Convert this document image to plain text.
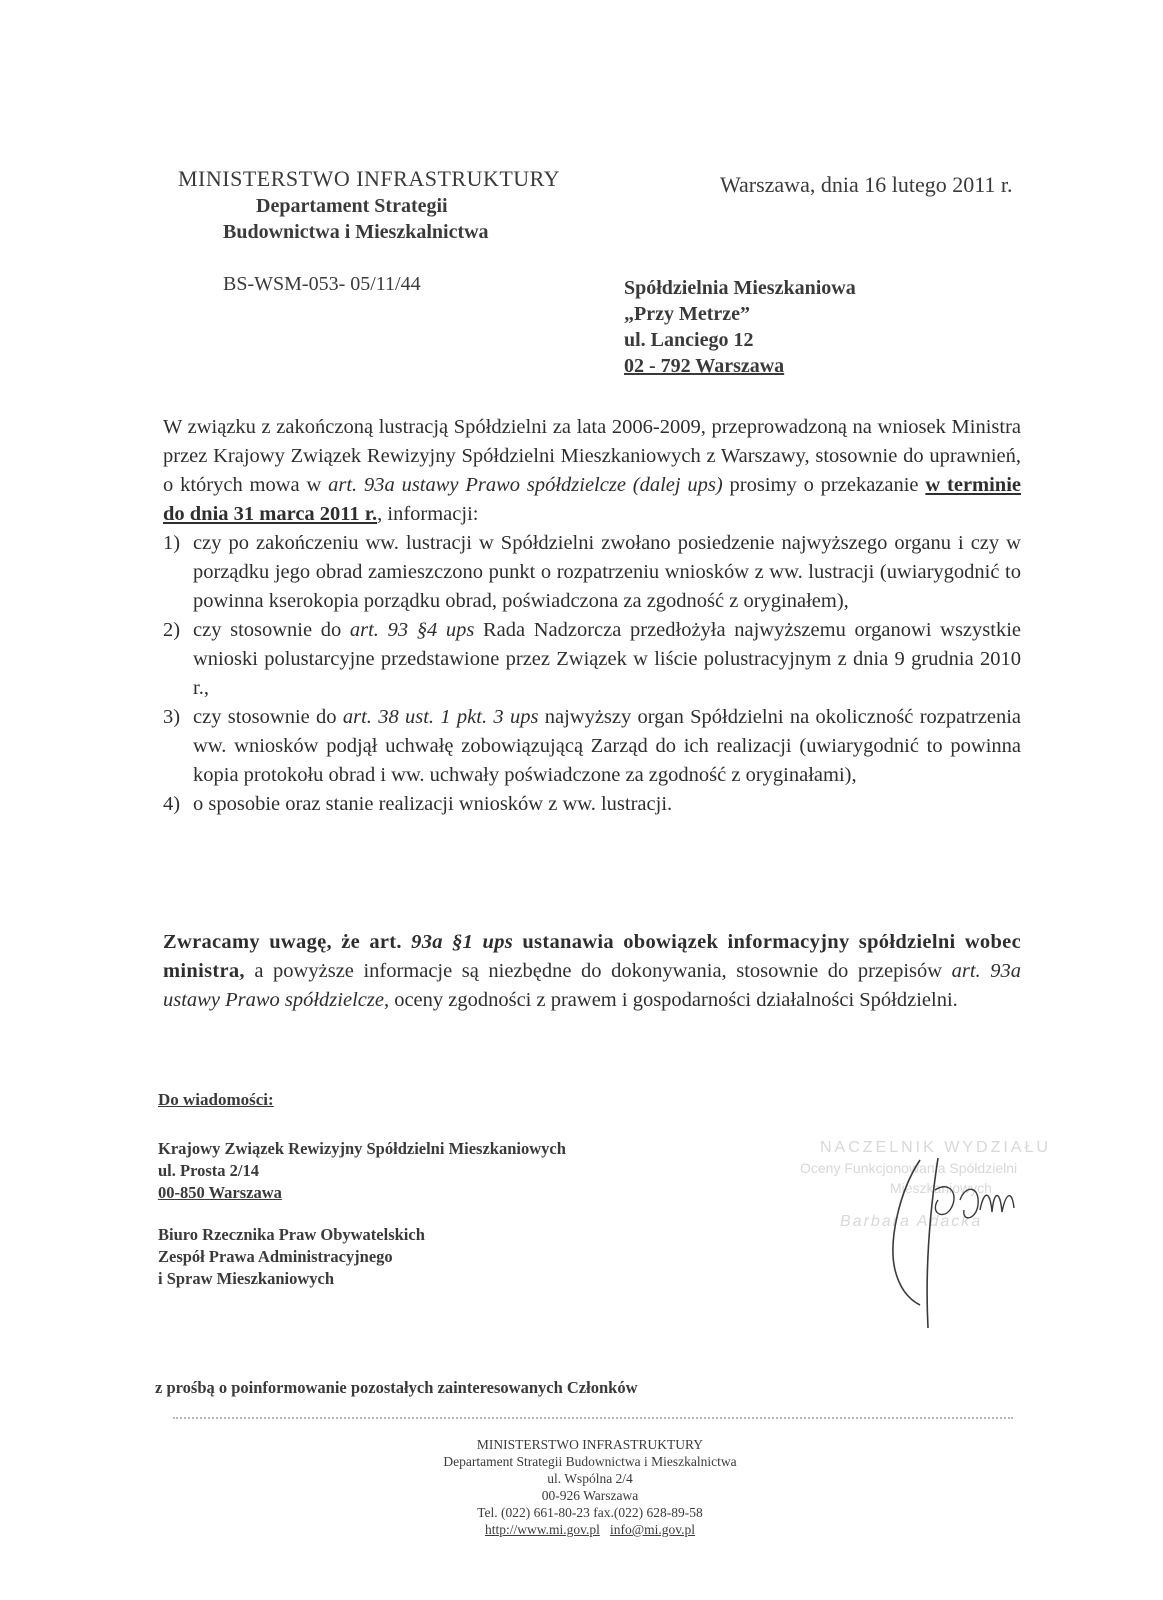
MINISTERSTWO INFRASTRUKTURY
Departament Strategii
Budownictwa i Mieszkalnictwa
Warszawa, dnia 16 lutego 2011 r.
BS-WSM-053- 05/11/44	Spółdzielnia Mieszkaniowa
„Przy Metrze”
ul. Lanciego 12
02 - 792 Warszawa

W związku z zakończoną lustracją Spółdzielni za lata 2006-2009, przeprowadzoną na wniosek Ministra przez Krajowy Związek Rewizyjny Spółdzielni Mieszkaniowych z Warszawy, stosownie do uprawnień, o których mowa w art. 93a ustawy Prawo spółdzielcze (dalej ups) prosimy o przekazanie w terminie do dnia 31 marca 2011 r., informacji:

1) czy po zakończeniu ww. lustracji w Spółdzielni zwołano posiedzenie najwyższego organu i czy w porządku jego obrad zamieszczono punkt o rozpatrzeniu wniosków z ww. lustracji (uwiarygodnić to powinna kserokopia porządku obrad, poświadczona za zgodność z oryginałem),
2) czy stosownie do art. 93 §4 ups Rada Nadzorcza przedłożyła najwyższemu organowi wszystkie wnioski polustarcyjne przedstawione przez Związek w liście polustracyjnym z dnia 9 grudnia 2010 r.,
3) czy stosownie do art. 38 ust. 1 pkt. 3 ups najwyższy organ Spółdzielni na okoliczność rozpatrzenia ww. wniosków podjął uchwałę zobowiązującą Zarząd do ich realizacji (uwiarygodnić to powinna kopia protokołu obrad i ww. uchwały poświadczone za zgodność z oryginałami),
4) o sposobie oraz stanie realizacji wniosków z ww. lustracji.
Zwracamy uwagę, że art. 93a §1 ups ustanawia obowiązek informacyjny spółdzielni wobec ministra, a powyższe informacje są niezbędne do dokonywania, stosownie do przepisów art. 93a ustawy Prawo spółdzielcze, oceny zgodności z prawem i gospodarności działalności Spółdzielni.
Do wiadomości:
Krajowy Związek Rewizyjny Spółdzielni Mieszkaniowych
ul. Prosta 2/14
00-850 Warszawa
Biuro Rzecznika Praw Obywatelskich
Zespół Prawa Administracyjnego
i Spraw Mieszkaniowych
NACZELNIK WYDZIAŁU
Oceny Funkcjonowania Spółdzielni
Mieszkaniowych
Barbara Adacka
z prośbą o poinformowanie pozostałych zainteresowanych Członków
MINISTERSTWO INFRASTRUKTURY
Departament Strategii Budownictwa i Mieszkalnictwa
ul. Wspólna 2/4
00-926 Warszawa
Tel. (022) 661-80-23 fax.(022) 628-89-58
http://www.mi.gov.pl info@mi.gov.pl
